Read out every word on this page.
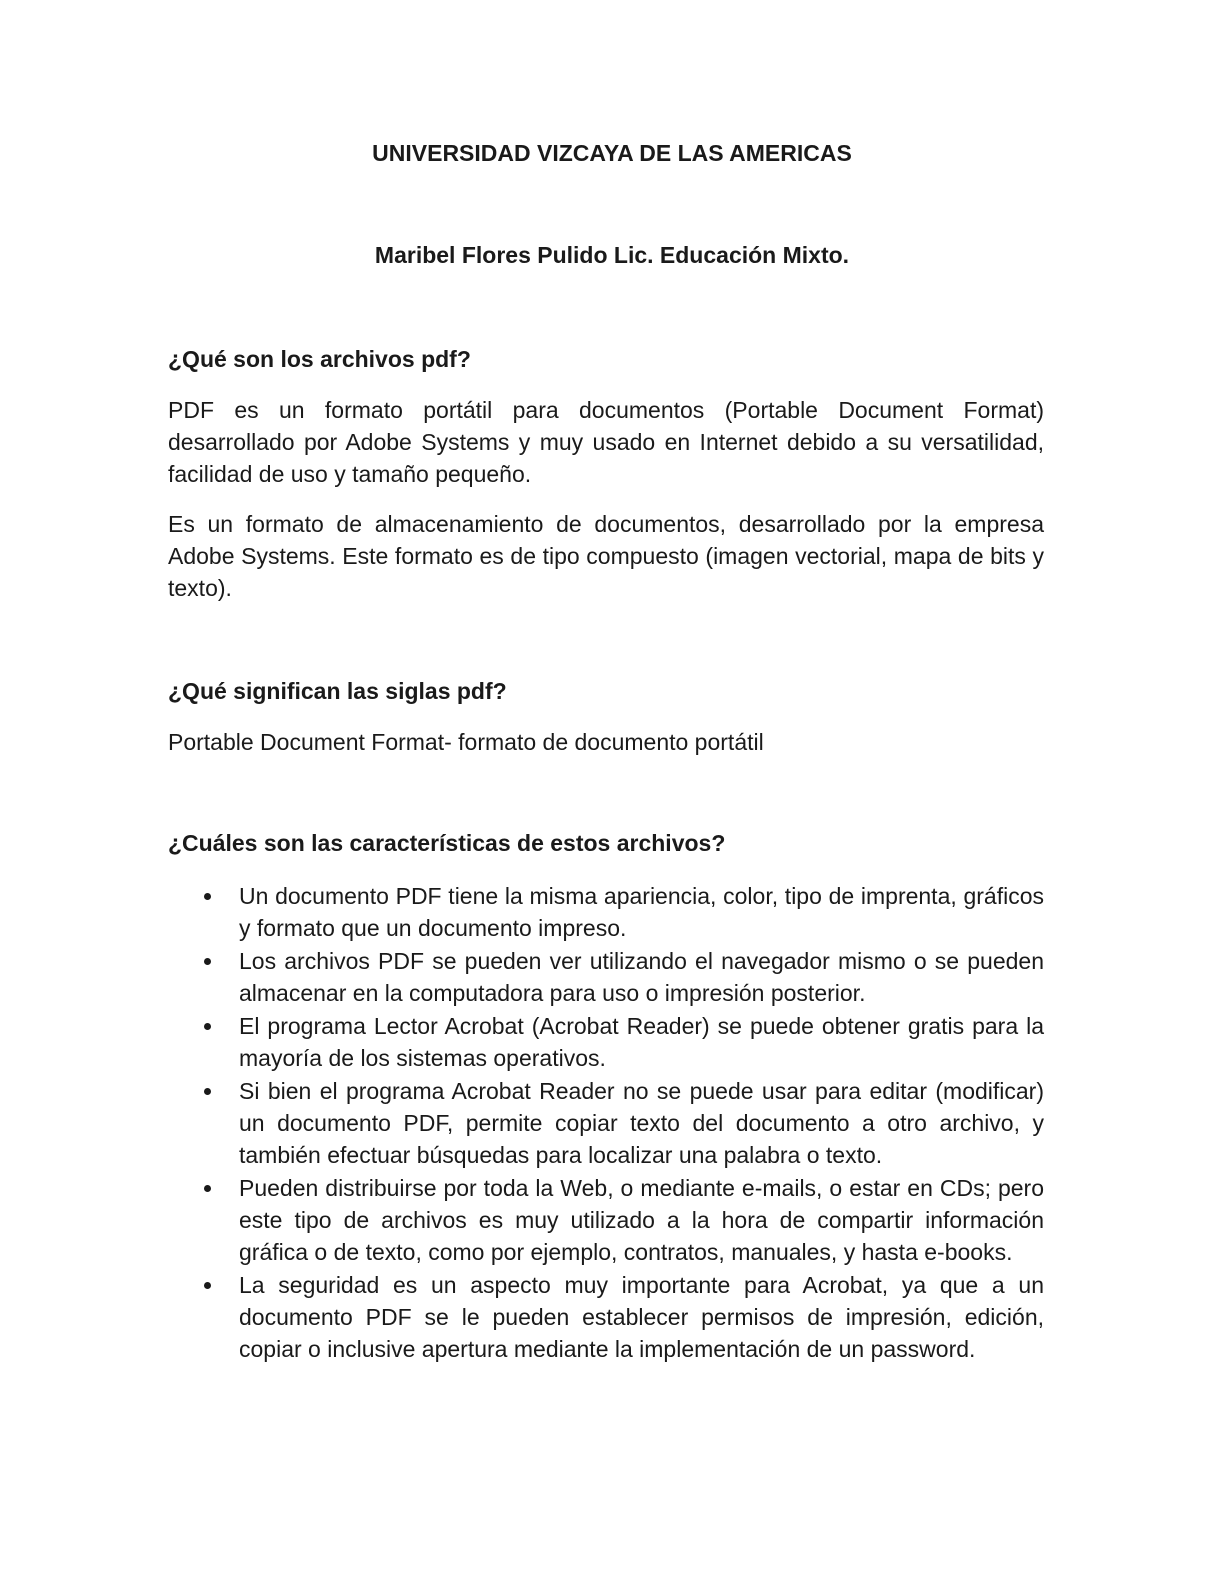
UNIVERSIDAD VIZCAYA DE LAS AMERICAS
Maribel Flores Pulido Lic. Educación Mixto.
¿Qué son los archivos pdf?

PDF es un formato portátil para documentos (Portable Document Format) desarrollado por Adobe Systems y muy usado en Internet debido a su versatilidad, facilidad de uso y tamaño pequeño.

Es un formato de almacenamiento de documentos, desarrollado por la empresa Adobe Systems. Este formato es de tipo compuesto (imagen vectorial, mapa de bits y texto).

¿Qué significan las siglas pdf?

Portable Document Format- formato de documento portátil

¿Cuáles son las características de estos archivos?
Un documento PDF tiene la misma apariencia, color, tipo de imprenta, gráficos y formato que un documento impreso.
Los archivos PDF se pueden ver utilizando el navegador mismo o se pueden almacenar en la computadora para uso o impresión posterior.
El programa Lector Acrobat (Acrobat Reader) se puede obtener gratis para la mayoría de los sistemas operativos.
Si bien el programa Acrobat Reader no se puede usar para editar (modificar) un documento PDF, permite copiar texto del documento a otro archivo, y también efectuar búsquedas para localizar una palabra o texto.
Pueden distribuirse por toda la Web, o mediante e-mails, o estar en CDs; pero este tipo de archivos es muy utilizado a la hora de compartir información gráfica o de texto, como por ejemplo, contratos, manuales, y hasta e-books.
La seguridad es un aspecto muy importante para Acrobat, ya que a un documento PDF se le pueden establecer permisos de impresión, edición, copiar o inclusive apertura mediante la implementación de un password.
